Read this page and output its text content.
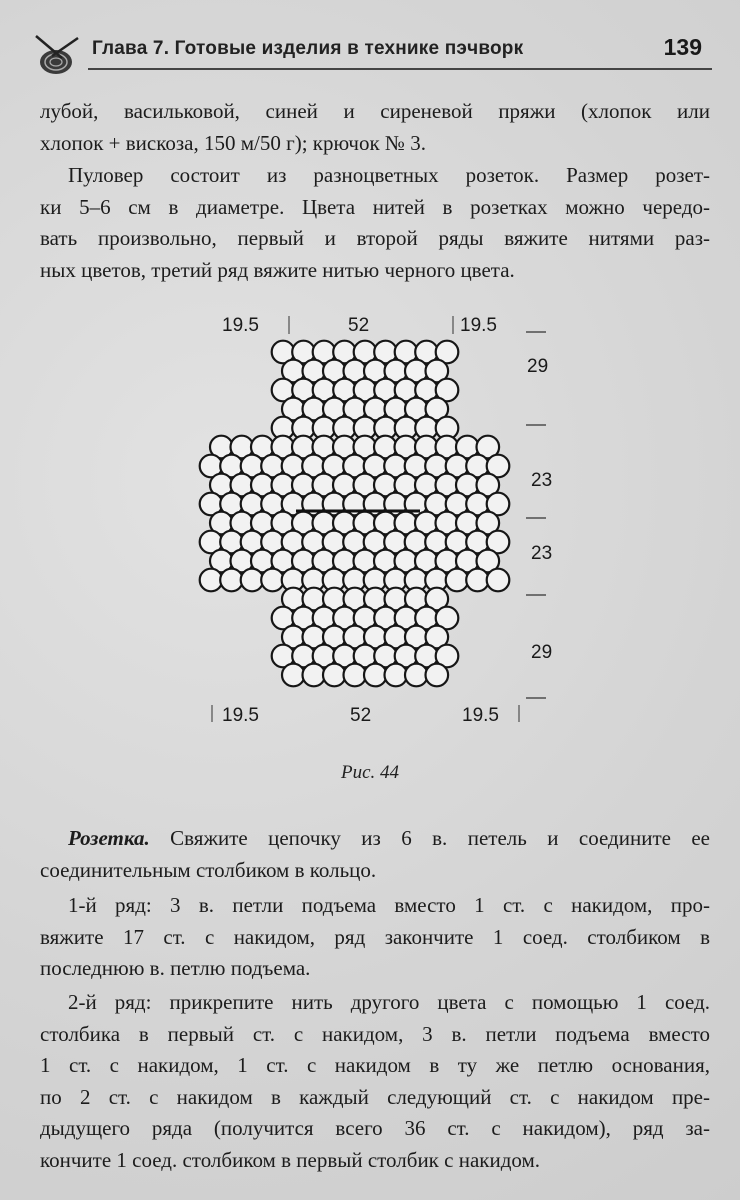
Глава 7. Готовые изделия в технике пэчворк	139

лубой, васильковой, синей и сиреневой пряжи (хлопок или
хлопок + вискоза, 150 м/50 г); крючок № 3.

Пуловер состоит из разноцветных розеток. Размер розет-
ки 5–6 см в диаметре. Цвета нитей в розетках можно чередо-
вать произвольно, первый и второй ряды вяжите нитями раз-
ных цветов, третий ряд вяжите нитью черного цвета.

19.5	52	19.5
29
23
23
29
19.5	52	19.5
Рис. 44

Розетка. Свяжите цепочку из 6 в. петель и соедините ее
соединительным столбиком в кольцо.

1-й ряд: 3 в. петли подъема вместо 1 ст. с накидом, про-
вяжите 17 ст. с накидом, ряд закончите 1 соед. столбиком в
последнюю в. петлю подъема.

2-й ряд: прикрепите нить другого цвета с помощью 1 соед.
столбика в первый ст. с накидом, 3 в. петли подъема вместо
1 ст. с накидом, 1 ст. с накидом в ту же петлю основания,
по 2 ст. с накидом в каждый следующий ст. с накидом пре-
дыдущего ряда (получится всего 36 ст. с накидом), ряд за-
кончите 1 соед. столбиком в первый столбик с накидом.
